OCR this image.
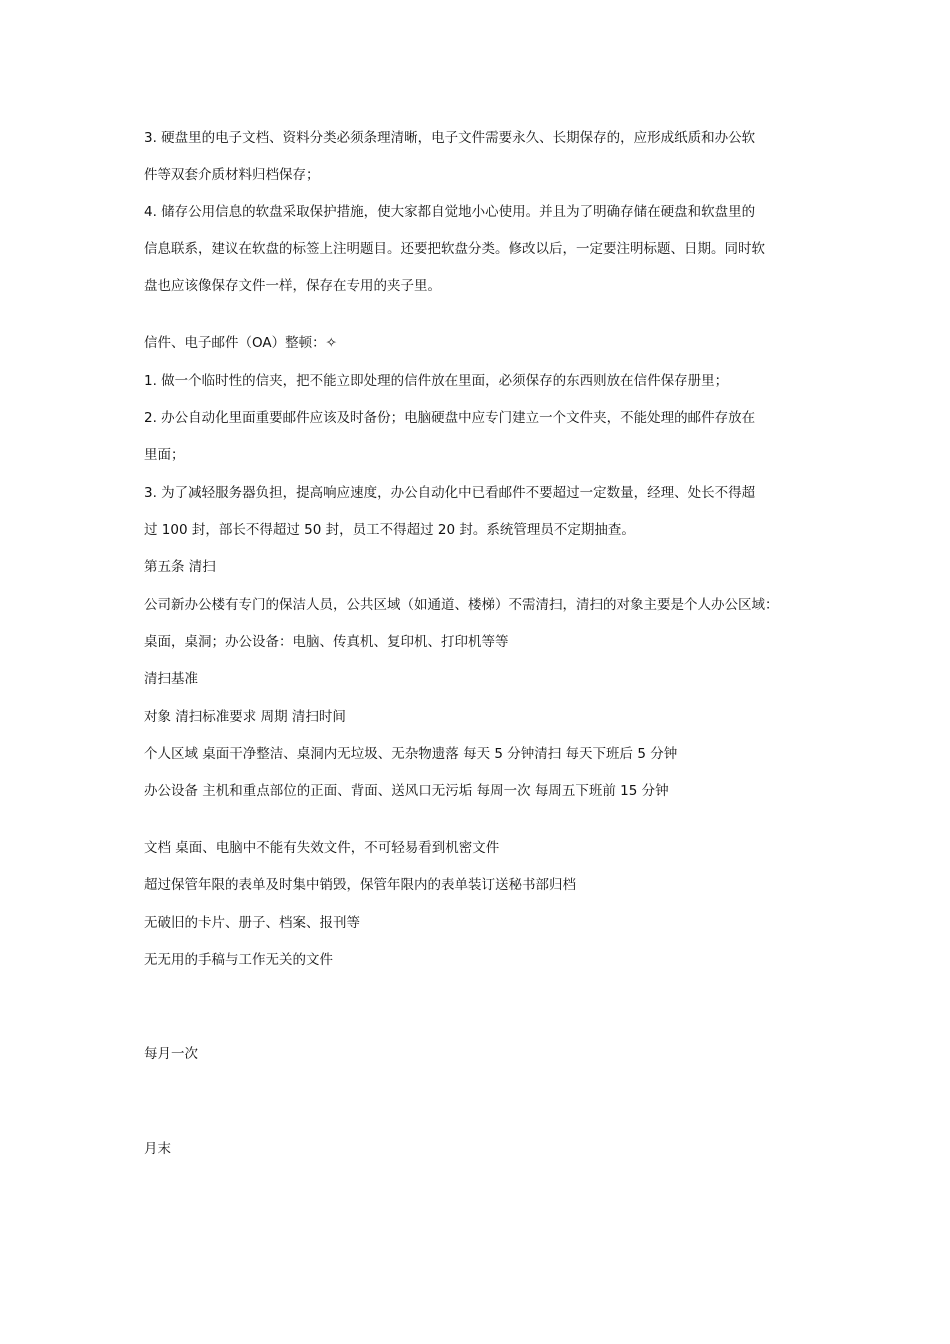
3. 硬盘里的电子文档、资料分类必须条理清晰，电子文件需要永久、长期保存的，应形成纸质和办公软
件等双套介质材料归档保存；
4. 储存公用信息的软盘采取保护措施，使大家都自觉地小心使用。并且为了明确存储在硬盘和软盘里的
信息联系，建议在软盘的标签上注明题目。还要把软盘分类。修改以后，一定要注明标题、日期。同时软
盘也应该像保存文件一样，保存在专用的夹子里。
信件、电子邮件（OA）整顿：✧
1. 做一个临时性的信夹，把不能立即处理的信件放在里面，必须保存的东西则放在信件保存册里；
2. 办公自动化里面重要邮件应该及时备份；电脑硬盘中应专门建立一个文件夹，不能处理的邮件存放在
里面；
3. 为了减轻服务器负担，提高响应速度，办公自动化中已看邮件不要超过一定数量，经理、处长不得超
过 100 封，部长不得超过 50 封，员工不得超过 20 封。系统管理员不定期抽查。
第五条 清扫
公司新办公楼有专门的保洁人员，公共区域（如通道、楼梯）不需清扫，清扫的对象主要是个人办公区域：
桌面，桌洞；办公设备：电脑、传真机、复印机、打印机等等
清扫基准
对象 清扫标准要求 周期 清扫时间
个人区域 桌面干净整洁、桌洞内无垃圾、无杂物遗落 每天 5 分钟清扫 每天下班后 5 分钟
办公设备 主机和重点部位的正面、背面、送风口无污垢 每周一次 每周五下班前 15 分钟
文档 桌面、电脑中不能有失效文件，不可轻易看到机密文件
超过保管年限的表单及时集中销毁，保管年限内的表单装订送秘书部归档
无破旧的卡片、册子、档案、报刊等
无无用的手稿与工作无关的文件
每月一次
月末
